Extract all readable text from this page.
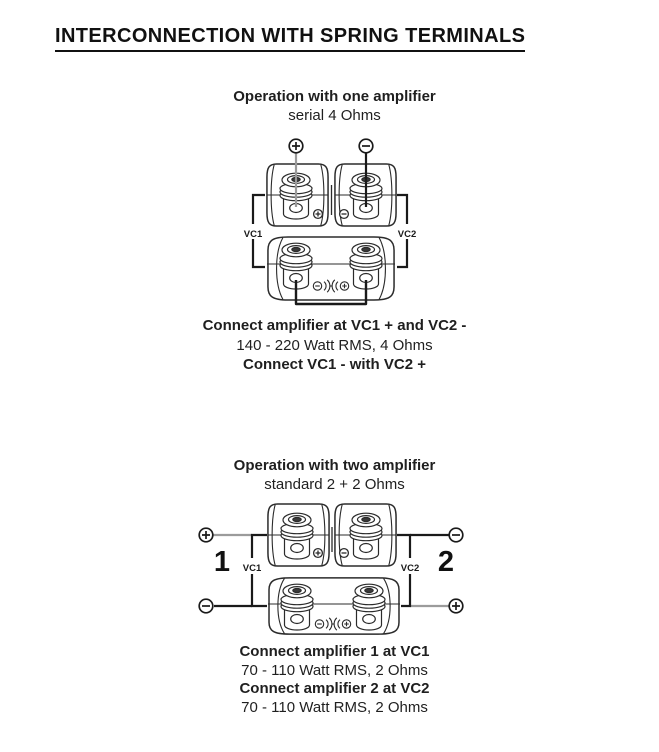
INTERCONNECTION WITH SPRING TERMINALS
Operation with one amplifier
serial 4 Ohms
VC1	VC2
Connect amplifier at VC1 + and VC2 -
140 - 220 Watt RMS, 4 Ohms
Connect VC1 - with VC2 +
Operation with two amplifier
standard 2 + 2 Ohms
VC1	VC2
1	2
Connect amplifier 1 at VC1
70 - 110 Watt RMS, 2 Ohms
Connect amplifier 2 at VC2
70 - 110 Watt RMS, 2 Ohms
